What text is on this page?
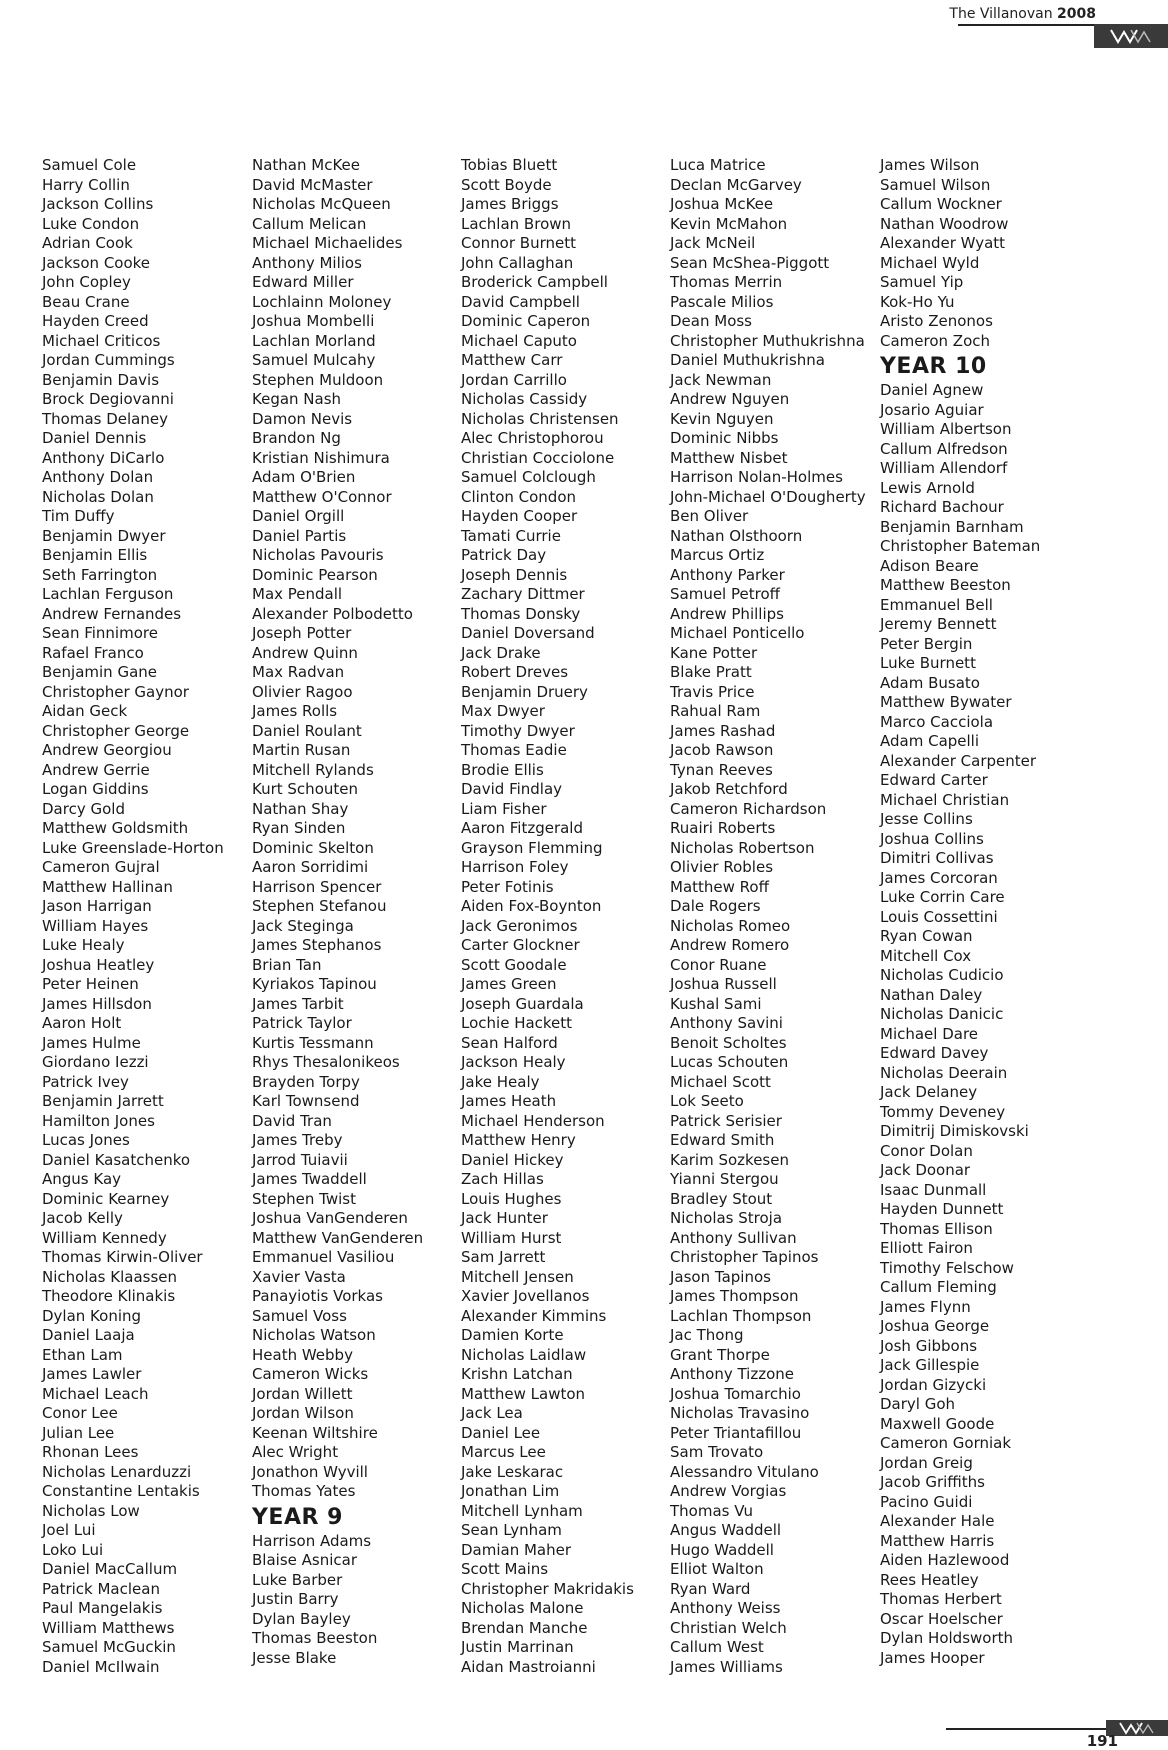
The Villanovan 2008
Samuel Cole
Harry Collin
Jackson Collins
Luke Condon
Adrian Cook
Jackson Cooke
John Copley
Beau Crane
Hayden Creed
Michael Criticos
Jordan Cummings
Benjamin Davis
Brock Degiovanni
Thomas Delaney
Daniel Dennis
Anthony DiCarlo
Anthony Dolan
Nicholas Dolan
Tim Duffy
Benjamin Dwyer
Benjamin Ellis
Seth Farrington
Lachlan Ferguson
Andrew Fernandes
Sean Finnimore
Rafael Franco
Benjamin Gane
Christopher Gaynor
Aidan Geck
Christopher George
Andrew Georgiou
Andrew Gerrie
Logan Giddins
Darcy Gold
Matthew Goldsmith
Luke Greenslade-Horton
Cameron Gujral
Matthew Hallinan
Jason Harrigan
William Hayes
Luke Healy
Joshua Heatley
Peter Heinen
James Hillsdon
Aaron Holt
James Hulme
Giordano Iezzi
Patrick Ivey
Benjamin Jarrett
Hamilton Jones
Lucas Jones
Daniel Kasatchenko
Angus Kay
Dominic Kearney
Jacob Kelly
William Kennedy
Thomas Kirwin-Oliver
Nicholas Klaassen
Theodore Klinakis
Dylan Koning
Daniel Laaja
Ethan Lam
James Lawler
Michael Leach
Conor Lee
Julian Lee
Rhonan Lees
Nicholas Lenarduzzi
Constantine Lentakis
Nicholas Low
Joel Lui
Loko Lui
Daniel MacCallum
Patrick Maclean
Paul Mangelakis
William Matthews
Samuel McGuckin
Daniel McIlwain
Nathan McKee
David McMaster
Nicholas McQueen
Callum Melican
Michael Michaelides
Anthony Milios
Edward Miller
Lochlainn Moloney
Joshua Mombelli
Lachlan Morland
Samuel Mulcahy
Stephen Muldoon
Kegan Nash
Damon Nevis
Brandon Ng
Kristian Nishimura
Adam O'Brien
Matthew O'Connor
Daniel Orgill
Daniel Partis
Nicholas Pavouris
Dominic Pearson
Max Pendall
Alexander Polbodetto
Joseph Potter
Andrew Quinn
Max Radvan
Olivier Ragoo
James Rolls
Daniel Roulant
Martin Rusan
Mitchell Rylands
Kurt Schouten
Nathan Shay
Ryan Sinden
Dominic Skelton
Aaron Sorridimi
Harrison Spencer
Stephen Stefanou
Jack Steginga
James Stephanos
Brian Tan
Kyriakos Tapinou
James Tarbit
Patrick Taylor
Kurtis Tessmann
Rhys Thesalonikeos
Brayden Torpy
Karl Townsend
David Tran
James Treby
Jarrod Tuiavii
James Twaddell
Stephen Twist
Joshua VanGenderen
Matthew VanGenderen
Emmanuel Vasiliou
Xavier Vasta
Panayiotis Vorkas
Samuel Voss
Nicholas Watson
Heath Webby
Cameron Wicks
Jordan Willett
Jordan Wilson
Keenan Wiltshire
Alec Wright
Jonathon Wyvill
Thomas Yates
YEAR 9
Harrison Adams
Blaise Asnicar
Luke Barber
Justin Barry
Dylan Bayley
Thomas Beeston
Jesse Blake
Tobias Bluett
Scott Boyde
James Briggs
Lachlan Brown
Connor Burnett
John Callaghan
Broderick Campbell
David Campbell
Dominic Caperon
Michael Caputo
Matthew Carr
Jordan Carrillo
Nicholas Cassidy
Nicholas Christensen
Alec Christophorou
Christian Cocciolone
Samuel Colclough
Clinton Condon
Hayden Cooper
Tamati Currie
Patrick Day
Joseph Dennis
Zachary Dittmer
Thomas Donsky
Daniel Doversand
Jack Drake
Robert Dreves
Benjamin Druery
Max Dwyer
Timothy Dwyer
Thomas Eadie
Brodie Ellis
David Findlay
Liam Fisher
Aaron Fitzgerald
Grayson Flemming
Harrison Foley
Peter Fotinis
Aiden Fox-Boynton
Jack Geronimos
Carter Glockner
Scott Goodale
James Green
Joseph Guardala
Lochie Hackett
Sean Halford
Jackson Healy
Jake Healy
James Heath
Michael Henderson
Matthew Henry
Daniel Hickey
Zach Hillas
Louis Hughes
Jack Hunter
William Hurst
Sam Jarrett
Mitchell Jensen
Xavier Jovellanos
Alexander Kimmins
Damien Korte
Nicholas Laidlaw
Krishn Latchan
Matthew Lawton
Jack Lea
Daniel Lee
Marcus Lee
Jake Leskarac
Jonathan Lim
Mitchell Lynham
Sean Lynham
Damian Maher
Scott Mains
Christopher Makridakis
Nicholas Malone
Brendan Manche
Justin Marrinan
Aidan Mastroianni
Luca Matrice
Declan McGarvey
Joshua McKee
Kevin McMahon
Jack McNeil
Sean McShea-Piggott
Thomas Merrin
Pascale Milios
Dean Moss
Christopher Muthukrishna
Daniel Muthukrishna
Jack Newman
Andrew Nguyen
Kevin Nguyen
Dominic Nibbs
Matthew Nisbet
Harrison Nolan-Holmes
John-Michael O'Dougherty
Ben Oliver
Nathan Olsthoorn
Marcus Ortiz
Anthony Parker
Samuel Petroff
Andrew Phillips
Michael Ponticello
Kane Potter
Blake Pratt
Travis Price
Rahual Ram
James Rashad
Jacob Rawson
Tynan Reeves
Jakob Retchford
Cameron Richardson
Ruairi Roberts
Nicholas Robertson
Olivier Robles
Matthew Roff
Dale Rogers
Nicholas Romeo
Andrew Romero
Conor Ruane
Joshua Russell
Kushal Sami
Anthony Savini
Benoit Scholtes
Lucas Schouten
Michael Scott
Lok Seeto
Patrick Serisier
Edward Smith
Karim Sozkesen
Yianni Stergou
Bradley Stout
Nicholas Stroja
Anthony Sullivan
Christopher Tapinos
Jason Tapinos
James Thompson
Lachlan Thompson
Jac Thong
Grant Thorpe
Anthony Tizzone
Joshua Tomarchio
Nicholas Travasino
Peter Triantafillou
Sam Trovato
Alessandro Vitulano
Andrew Vorgias
Thomas Vu
Angus Waddell
Hugo Waddell
Elliot Walton
Ryan Ward
Anthony Weiss
Christian Welch
Callum West
James Williams
James Wilson
Samuel Wilson
Callum Wockner
Nathan Woodrow
Alexander Wyatt
Michael Wyld
Samuel Yip
Kok-Ho Yu
Aristo Zenonos
Cameron Zoch
YEAR 10
Daniel Agnew
Josario Aguiar
William Albertson
Callum Alfredson
William Allendorf
Lewis Arnold
Richard Bachour
Benjamin Barnham
Christopher Bateman
Adison Beare
Matthew Beeston
Emmanuel Bell
Jeremy Bennett
Peter Bergin
Luke Burnett
Adam Busato
Matthew Bywater
Marco Cacciola
Adam Capelli
Alexander Carpenter
Edward Carter
Michael Christian
Jesse Collins
Joshua Collins
Dimitri Collivas
James Corcoran
Luke Corrin Care
Louis Cossettini
Ryan Cowan
Mitchell Cox
Nicholas Cudicio
Nathan Daley
Nicholas Danicic
Michael Dare
Edward Davey
Nicholas Deerain
Jack Delaney
Tommy Deveney
Dimitrij Dimiskovski
Conor Dolan
Jack Doonar
Isaac Dunmall
Hayden Dunnett
Thomas Ellison
Elliott Fairon
Timothy Felschow
Callum Fleming
James Flynn
Joshua George
Josh Gibbons
Jack Gillespie
Jordan Gizycki
Daryl Goh
Maxwell Goode
Cameron Gorniak
Jordan Greig
Jacob Griffiths
Pacino Guidi
Alexander Hale
Matthew Harris
Aiden Hazlewood
Rees Heatley
Thomas Herbert
Oscar Hoelscher
Dylan Holdsworth
James Hooper
191
